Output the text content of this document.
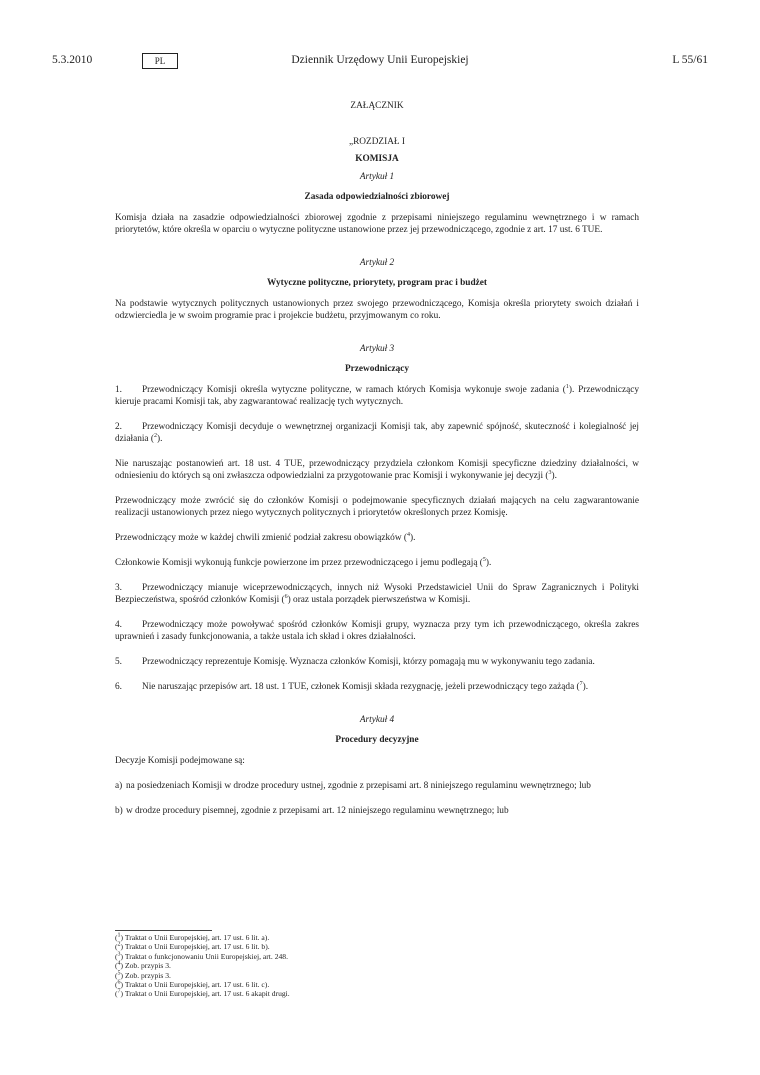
5.3.2010	PL	Dziennik Urzędowy Unii Europejskiej	L 55/61

ZAŁĄCZNIK

„ROZDZIAŁ I

KOMISJA

Artykuł 1

Zasada odpowiedzialności zbiorowej

Komisja działa na zasadzie odpowiedzialności zbiorowej zgodnie z przepisami niniejszego regulaminu wewnętrznego i w ramach priorytetów, które określa w oparciu o wytyczne polityczne ustanowione przez jej przewodniczącego, zgodnie z art. 17 ust. 6 TUE.

Artykuł 2

Wytyczne polityczne, priorytety, program prac i budżet

Na podstawie wytycznych politycznych ustanowionych przez swojego przewodniczącego, Komisja określa priorytety swoich działań i odzwierciedla je w swoim programie prac i projekcie budżetu, przyjmowanym co roku.

Artykuł 3

Przewodniczący

1. Przewodniczący Komisji określa wytyczne polityczne, w ramach których Komisja wykonuje swoje zadania ($^1$). Przewodniczący kieruje pracami Komisji tak, aby zagwarantować realizację tych wytycznych.

2. Przewodniczący Komisji decyduje o wewnętrznej organizacji Komisji tak, aby zapewnić spójność, skuteczność i kolegialność jej działania ($^2$).

Nie naruszając postanowień art. 18 ust. 4 TUE, przewodniczący przydziela członkom Komisji specyficzne dziedziny działalności, w odniesieniu do których są oni zwłaszcza odpowiedzialni za przygotowanie prac Komisji i wykonywanie jej decyzji ($^3$).

Przewodniczący może zwrócić się do członków Komisji o podejmowanie specyficznych działań mających na celu zagwarantowanie realizacji ustanowionych przez niego wytycznych politycznych i priorytetów określonych przez Komisję.

Przewodniczący może w każdej chwili zmienić podział zakresu obowiązków ($^4$).

Członkowie Komisji wykonują funkcje powierzone im przez przewodniczącego i jemu podlegają ($^5$).

3. Przewodniczący mianuje wiceprzewodniczących, innych niż Wysoki Przedstawiciel Unii do Spraw Zagranicznych i Polityki Bezpieczeństwa, spośród członków Komisji ($^6$) oraz ustala porządek pierwszeństwa w Komisji.

4. Przewodniczący może powoływać spośród członków Komisji grupy, wyznacza przy tym ich przewodniczącego, określa zakres uprawnień i zasady funkcjonowania, a także ustala ich skład i okres działalności.

5. Przewodniczący reprezentuje Komisję. Wyznacza członków Komisji, którzy pomagają mu w wykonywaniu tego zadania.

6. Nie naruszając przepisów art. 18 ust. 1 TUE, członek Komisji składa rezygnację, jeżeli przewodniczący tego zażąda ($^7$).

Artykuł 4

Procedury decyzyjne

Decyzje Komisji podejmowane są:

a) na posiedzeniach Komisji w drodze procedury ustnej, zgodnie z przepisami art. 8 niniejszego regulaminu wewnętrznego; lub
b) w drodze procedury pisemnej, zgodnie z przepisami art. 12 niniejszego regulaminu wewnętrznego; lub

($^1$) Traktat o Unii Europejskiej, art. 17 ust. 6 lit. a).

($^2$) Traktat o Unii Europejskiej, art. 17 ust. 6 lit. b).

($^3$) Traktat o funkcjonowaniu Unii Europejskiej, art. 248.

($^4$) Zob. przypis 3.

($^5$) Zob. przypis 3.

($^6$) Traktat o Unii Europejskiej, art. 17 ust. 6 lit. c).

($^7$) Traktat o Unii Europejskiej, art. 17 ust. 6 akapit drugi.
